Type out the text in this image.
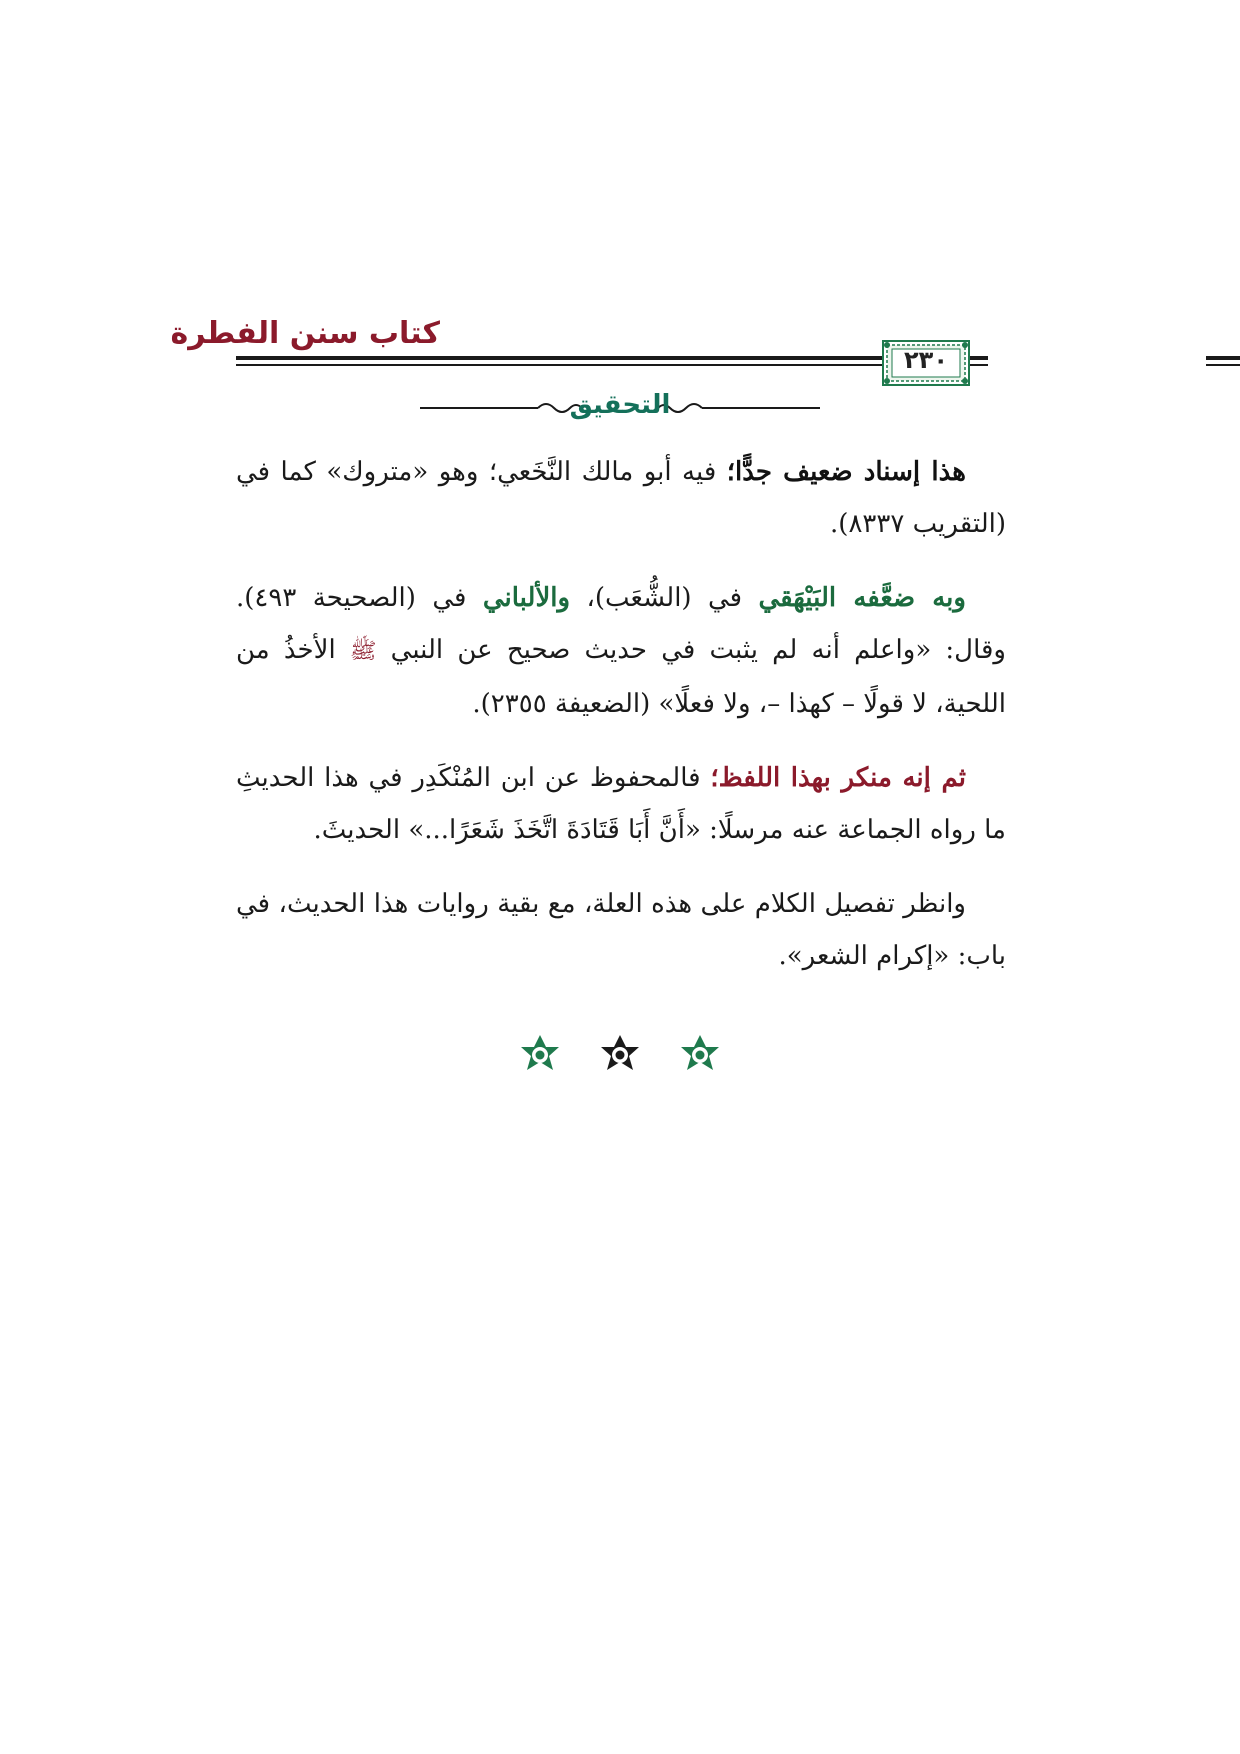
كتاب سنن الفطرة
٢٣٠
التحقيق

هذا إسناد ضعيف جدًّا؛ فيه أبو مالك النَّخَعي؛ وهو «متروك» كما في (التقريب ٨٣٣٧).

وبه ضعَّفه البَيْهَقي في (الشُّعَب)، والألباني في (الصحيحة ٤٩٣). وقال: «واعلم أنه لم يثبت في حديث صحيح عن النبي ﷺ الأخذُ من اللحية، لا قولًا – كهذا –، ولا فعلًا» (الضعيفة ٢٣٥٥).

ثم إنه منكر بهذا اللفظ؛ فالمحفوظ عن ابن المُنْكَدِر في هذا الحديثِ ما رواه الجماعة عنه مرسلًا: «أَنَّ أَبَا قَتَادَةَ اتَّخَذَ شَعَرًا...» الحديثَ.

وانظر تفصيل الكلام على هذه العلة، مع بقية روايات هذا الحديث، في باب: «إكرام الشعر».
